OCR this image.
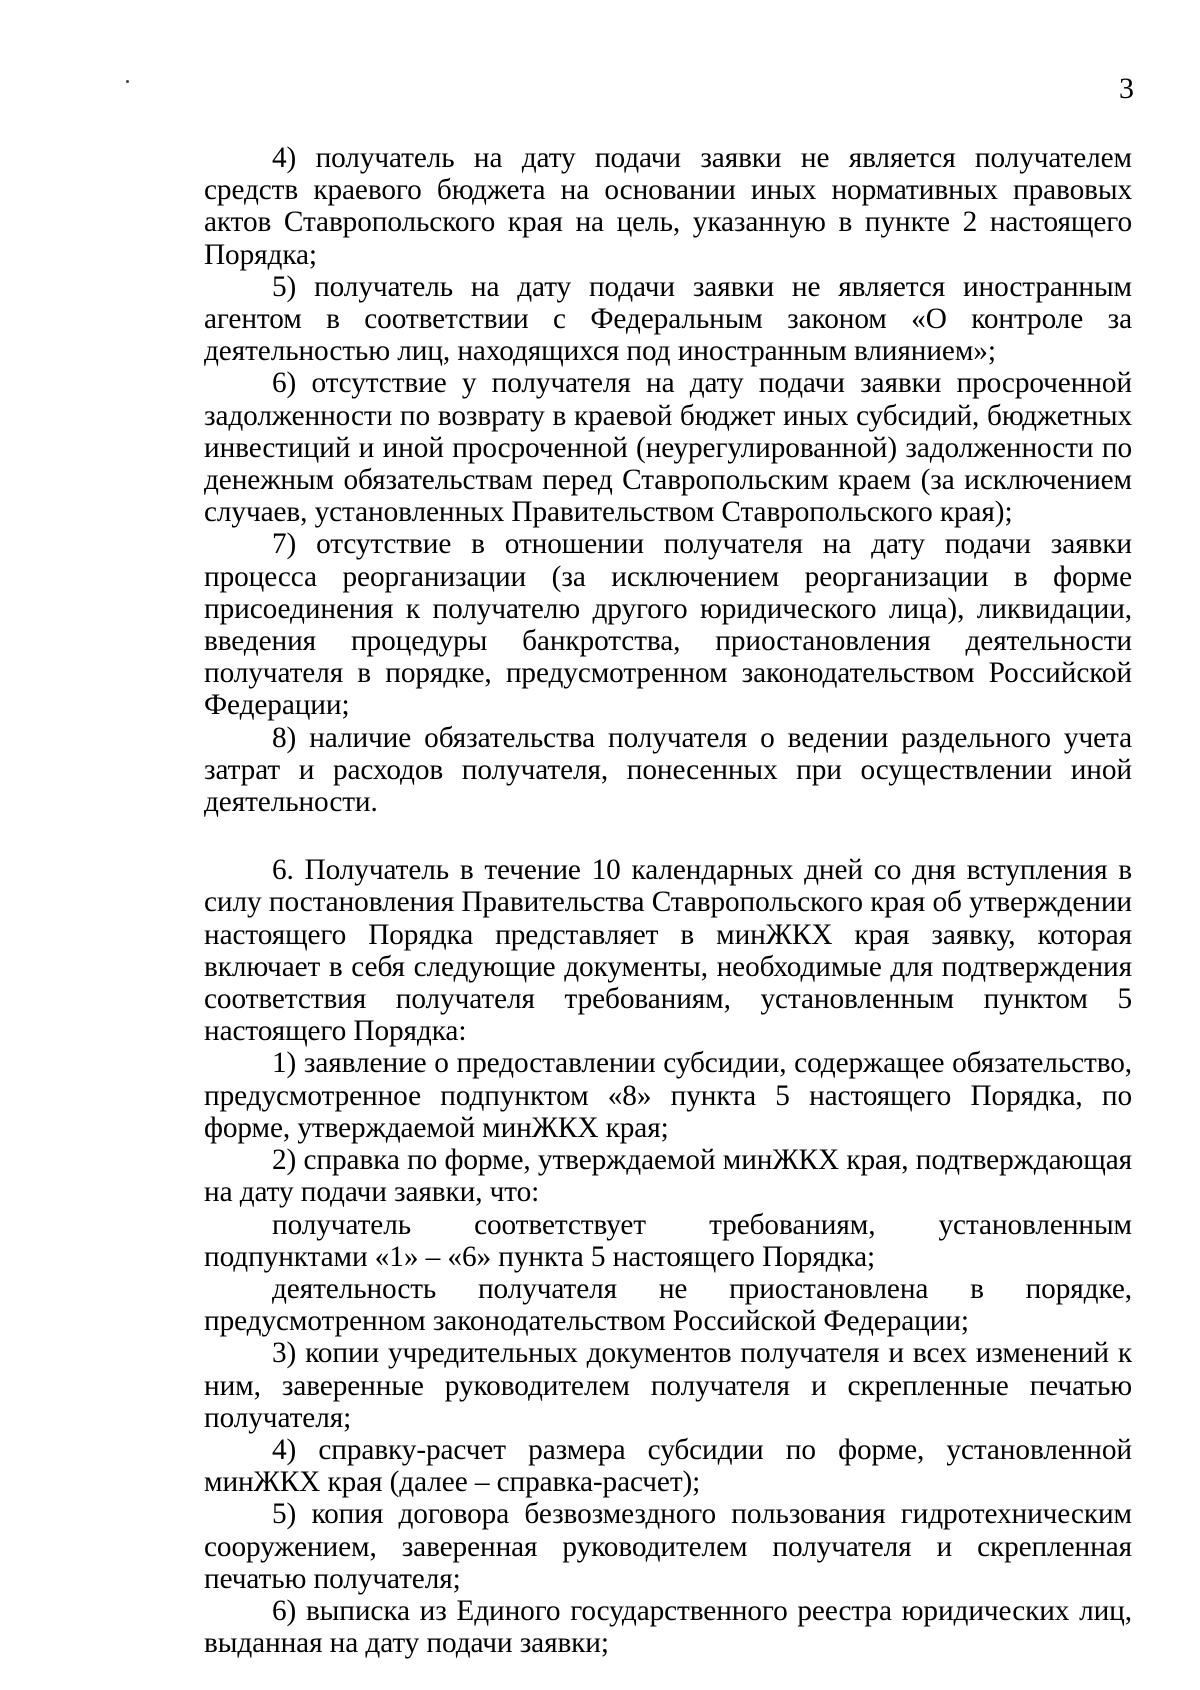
3

4) получатель на дату подачи заявки не является получателем средств краевого бюджета на основании иных нормативных правовых актов Ставропольского края на цель, указанную в пункте 2 настоящего Порядка;

5) получатель на дату подачи заявки не является иностранным агентом в соответствии с Федеральным законом «О контроле за деятельностью лиц, находящихся под иностранным влиянием»;

6) отсутствие у получателя на дату подачи заявки просроченной задолженности по возврату в краевой бюджет иных субсидий, бюджетных инвестиций и иной просроченной (неурегулированной) задолженности по денежным обязательствам перед Ставропольским краем (за исключением случаев, установленных Правительством Ставропольского края);

7) отсутствие в отношении получателя на дату подачи заявки процесса реорганизации (за исключением реорганизации в форме присоединения к получателю другого юридического лица), ликвидации, введения процедуры банкротства, приостановления деятельности получателя в порядке, предусмотренном законодательством Российской Федерации;

8) наличие обязательства получателя о ведении раздельного учета затрат и расходов получателя, понесенных при осуществлении иной деятельности.

6. Получатель в течение 10 календарных дней со дня вступления в силу постановления Правительства Ставропольского края об утверждении настоящего Порядка представляет в минЖКХ края заявку, которая включает в себя следующие документы, необходимые для подтверждения соответствия получателя требованиям, установленным пунктом 5 настоящего Порядка:

1) заявление о предоставлении субсидии, содержащее обязательство, предусмотренное подпунктом «8» пункта 5 настоящего Порядка, по форме, утверждаемой минЖКХ края;

2) справка по форме, утверждаемой минЖКХ края, подтверждающая на дату подачи заявки, что:

получатель соответствует требованиям, установленным подпунктами «1» – «6» пункта 5 настоящего Порядка;

деятельность получателя не приостановлена в порядке, предусмотренном законодательством Российской Федерации;

3) копии учредительных документов получателя и всех изменений к ним, заверенные руководителем получателя и скрепленные печатью получателя;

4) справку-расчет размера субсидии по форме, установленной минЖКХ края (далее – справка-расчет);

5) копия договора безвозмездного пользования гидротехническим сооружением, заверенная руководителем получателя и скрепленная печатью получателя;

6) выписка из Единого государственного реестра юридических лиц, выданная на дату подачи заявки;
